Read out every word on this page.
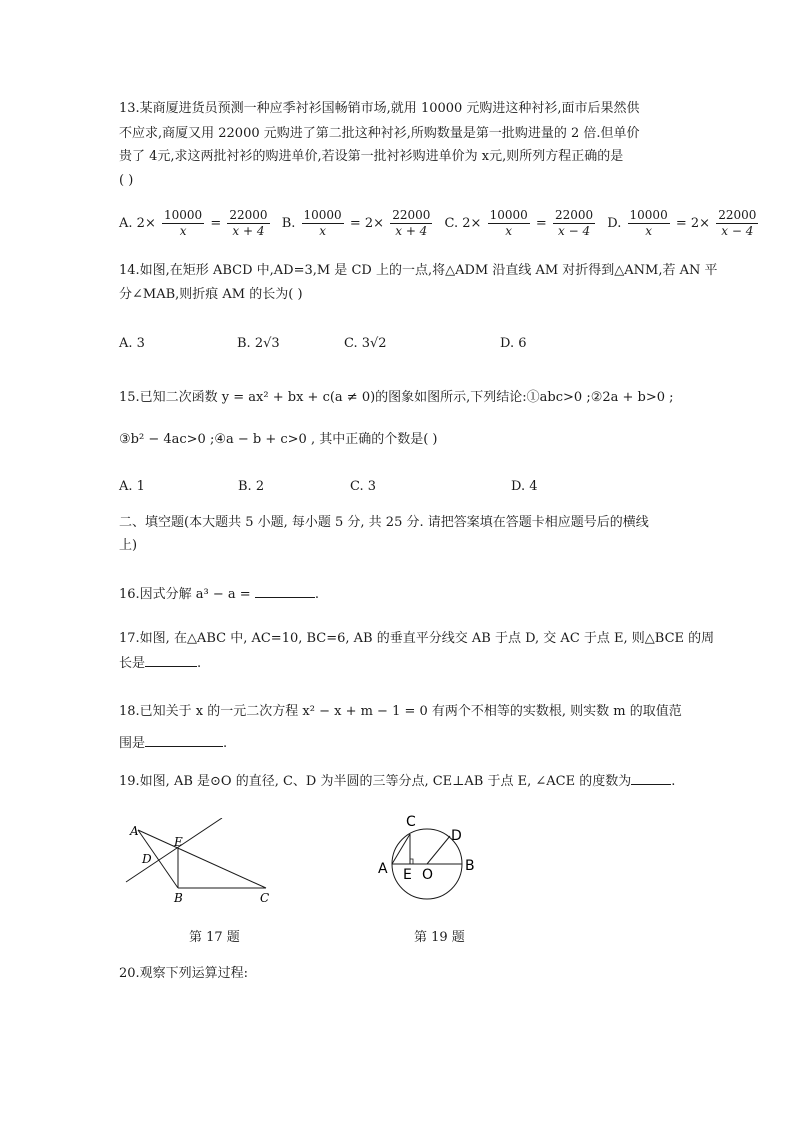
13.某商厦进货员预测一种应季衬衫国畅销市场,就用 10000 元购进这种衬衫,面市后果然供
不应求,商厦又用 22000 元购进了第二批这种衬衫,所购数量是第一批购进量的 2 倍.但单价
贵了 4元,求这两批衬衫的购进单价,若设第一批衬衫购进单价为 x元,则所列方程正确的是
( )
A. $2\times \frac{10000}{x} = \frac{22000}{x + 4} B$. $\frac{10000}{x} = 2\times \frac{22000}{x + 4} C$. $2\times \frac{10000}{x} = \frac{22000}{x - 4} D$. $\frac{10000}{x} = 2\times \frac{22000}{x - 4}$
14.如图,在矩形 ABCD 中,AD=3,M 是 CD 上的一点,将△ADM 沿直线 AM 对折得到△ANM,若 AN 平
分∠MAB,则折痕 AM 的长为( )
A. 3	B. 2√3	C. 3√2	D. 6
15.已知二次函数 y = ax² + bx + c(a ≠ 0)的图象如图所示,下列结论:①abc>0 ;②2a + b>0 ;
③b² − 4ac>0 ;④a − b + c>0 , 其中正确的个数是( )
A. 1	B. 2	C. 3	D. 4
二、填空题(本大题共 5 小题, 每小题 5 分, 共 25 分. 请把答案填在答题卡相应题号后的横线
上)
16.因式分解 a³ − a =	.
17.如图, 在△ABC 中, AC=10, BC=6, AB 的垂直平分线交 AB 于点 D, 交 AC 于点 E, 则△BCE 的周
长是	.
18.已知关于 x 的一元二次方程 x² − x + m − 1 = 0 有两个不相等的实数根, 则实数 m 的取值范
围是	.
19.如图, AB 是⊙O 的直径, C、D 为半圆的三等分点, CE⊥AB 于点 E, ∠ACE 的度数为	.
A
D
E
B	C
第 17 题
C
D
A	B
E O
第 19 题
20.观察下列运算过程:
